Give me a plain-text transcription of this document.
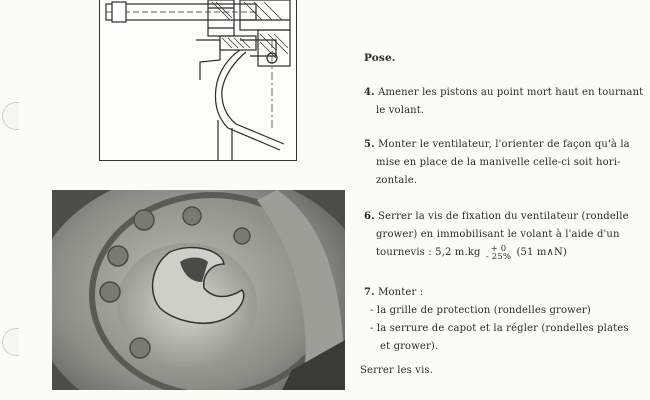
Pose.
4. Amener les pistons au point mort haut en tournant
le volant.
5. Monter le ventilateur, l'orienter de façon qu'à la
mise en place de la manivelle celle-ci soit hori-
zontale.
6. Serrer la vis de fixation du ventilateur (rondelle
grower) en immobilisant le volant à l'aide d'un
tournevis : 5,2 m.kg	+ 0
- 25% (51 m∧N)
7. Monter :
- la grille de protection (rondelles grower)
- la serrure de capot et la régler (rondelles plates
et grower).
Serrer les vis.
